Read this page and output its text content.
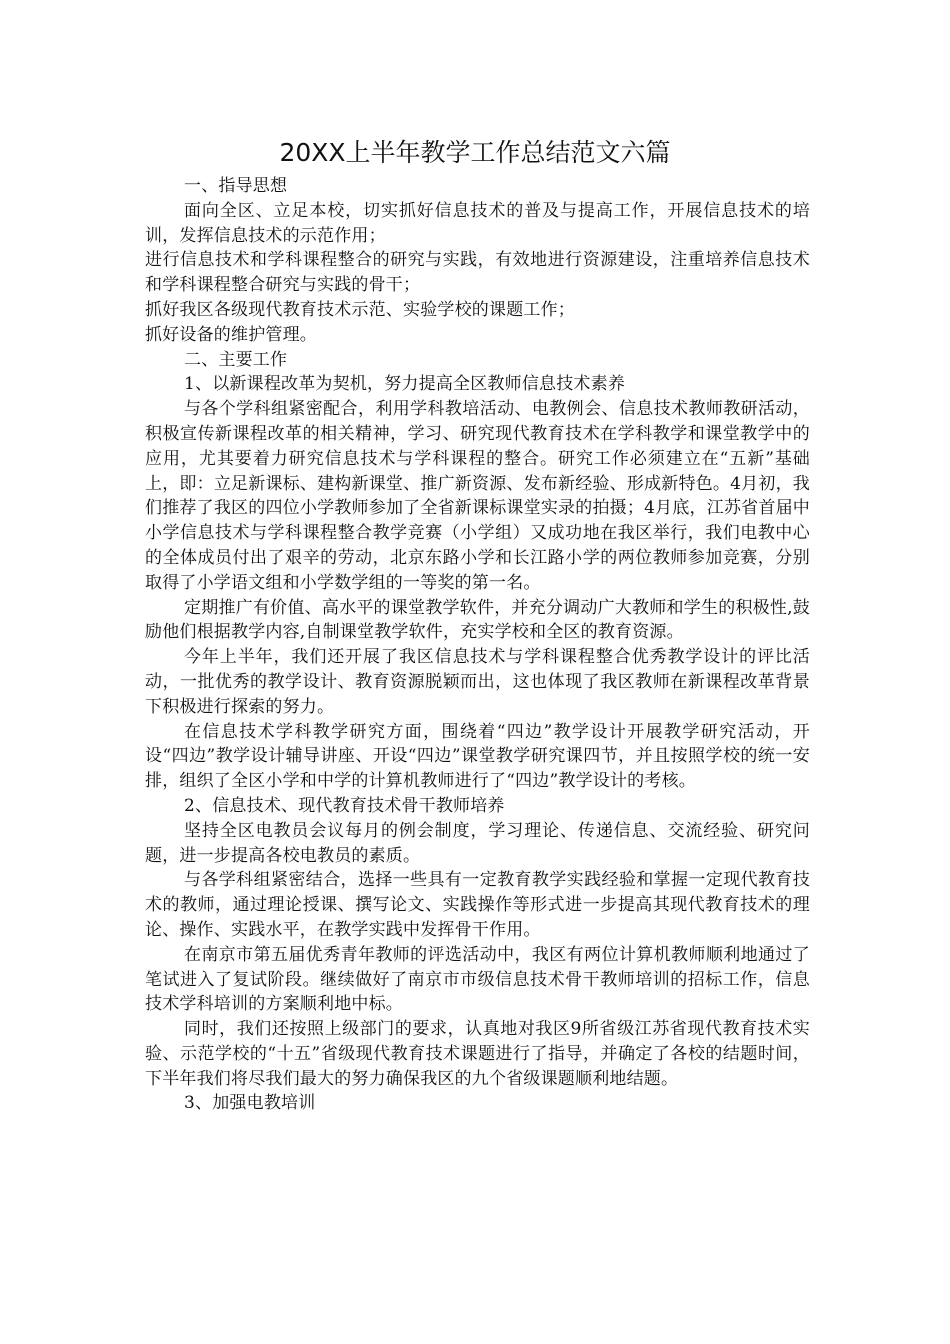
20XX上半年教学工作总结范文六篇

一、指导思想

面向全区、立足本校，切实抓好信息技术的普及与提高工作，开展信息技术的培训，发挥信息技术的示范作用；

进行信息技术和学科课程整合的研究与实践，有效地进行资源建设，注重培养信息技术和学科课程整合研究与实践的骨干；

抓好我区各级现代教育技术示范、实验学校的课题工作；

抓好设备的维护管理。

二、主要工作

1、以新课程改革为契机，努力提高全区教师信息技术素养

与各个学科组紧密配合，利用学科教培活动、电教例会、信息技术教师教研活动，积极宣传新课程改革的相关精神，学习、研究现代教育技术在学科教学和课堂教学中的应用，尤其要着力研究信息技术与学科课程的整合。研究工作必须建立在“五新”基础上，即：立足新课标、建构新课堂、推广新资源、发布新经验、形成新特色。4月初，我们推荐了我区的四位小学教师参加了全省新课标课堂实录的拍摄；4月底，江苏省首届中小学信息技术与学科课程整合教学竞赛（小学组）又成功地在我区举行，我们电教中心的全体成员付出了艰辛的劳动，北京东路小学和长江路小学的两位教师参加竞赛，分别取得了小学语文组和小学数学组的一等奖的第一名。

定期推广有价值、高水平的课堂教学软件，并充分调动广大教师和学生的积极性,鼓励他们根据教学内容,自制课堂教学软件，充实学校和全区的教育资源。

今年上半年，我们还开展了我区信息技术与学科课程整合优秀教学设计的评比活动，一批优秀的教学设计、教育资源脱颖而出，这也体现了我区教师在新课程改革背景下积极进行探索的努力。

在信息技术学科教学研究方面，围绕着“四边”教学设计开展教学研究活动，开设“四边”教学设计辅导讲座、开设“四边”课堂教学研究课四节，并且按照学校的统一安排，组织了全区小学和中学的计算机教师进行了“四边”教学设计的考核。

2、信息技术、现代教育技术骨干教师培养

坚持全区电教员会议每月的例会制度，学习理论、传递信息、交流经验、研究问题，进一步提高各校电教员的素质。

与各学科组紧密结合，选择一些具有一定教育教学实践经验和掌握一定现代教育技术的教师，通过理论授课、撰写论文、实践操作等形式进一步提高其现代教育技术的理论、操作、实践水平，在教学实践中发挥骨干作用。

在南京市第五届优秀青年教师的评选活动中，我区有两位计算机教师顺利地通过了笔试进入了复试阶段。继续做好了南京市市级信息技术骨干教师培训的招标工作，信息技术学科培训的方案顺利地中标。

同时，我们还按照上级部门的要求，认真地对我区9所省级江苏省现代教育技术实验、示范学校的“十五”省级现代教育技术课题进行了指导，并确定了各校的结题时间，下半年我们将尽我们最大的努力确保我区的九个省级课题顺利地结题。

3、加强电教培训
